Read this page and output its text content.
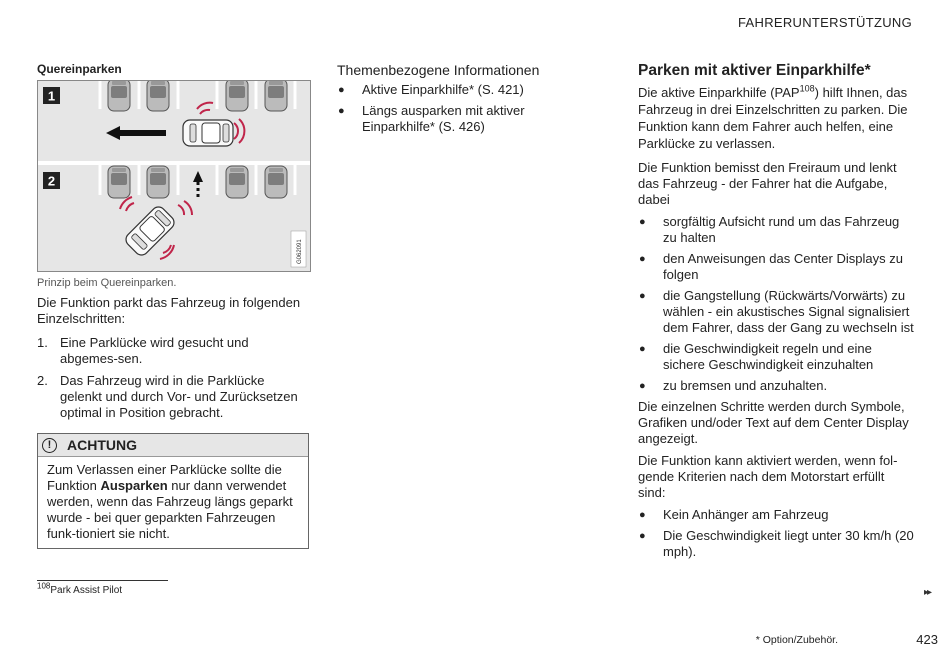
FAHRERUNTERSTÜTZUNG
Quereinparken
1
2
G062091
Prinzip beim Quereinparken.

Die Funktion parkt das Fahrzeug in folgenden Einzelschritten:

1. Eine Parklücke wird gesucht und abgemes-sen.
2. Das Fahrzeug wird in die Parklücke gelenkt und durch Vor- und Zurücksetzen optimal in Position gebracht.
!	ACHTUNG
Zum Verlassen einer Parklücke sollte die Funktion Ausparken nur dann verwendet werden, wenn das Fahrzeug längs geparkt wurde - bei quer geparkten Fahrzeugen funk-tioniert sie nicht.
Themenbezogene Informationen
●	Aktive Einparkhilfe* (S. 421)
●	Längs ausparken mit aktiver Einparkhilfe* (S. 426)
Parken mit aktiver Einparkhilfe*

Die aktive Einparkhilfe (PAP$^{108}$) hilft Ihnen, das Fahrzeug in drei Einzelschritten zu parken. Die Funktion kann dem Fahrer auch helfen, eine Parklücke zu verlassen.

Die Funktion bemisst den Freiraum und lenkt das Fahrzeug - der Fahrer hat die Aufgabe, dabei

●	sorgfältig Aufsicht rund um das Fahrzeug zu halten
●	den Anweisungen das Center Displays zu folgen
●	die Gangstellung (Rückwärts/Vorwärts) zu wählen - ein akustisches Signal signalisiert dem Fahrer, dass der Gang zu wechseln ist
●	die Geschwindigkeit regeln und eine sichere Geschwindigkeit einzuhalten
●	zu bremsen und anzuhalten.

Die einzelnen Schritte werden durch Symbole, Grafiken und/oder Text auf dem Center Display angezeigt.

Die Funktion kann aktiviert werden, wenn fol-gende Kriterien nach dem Motorstart erfüllt sind:

●	Kein Anhänger am Fahrzeug
●	Die Geschwindigkeit liegt unter 30 km/h (20 mph).
$^{108}$Park Assist Pilot	▸▸
* Option/Zubehör.	423
